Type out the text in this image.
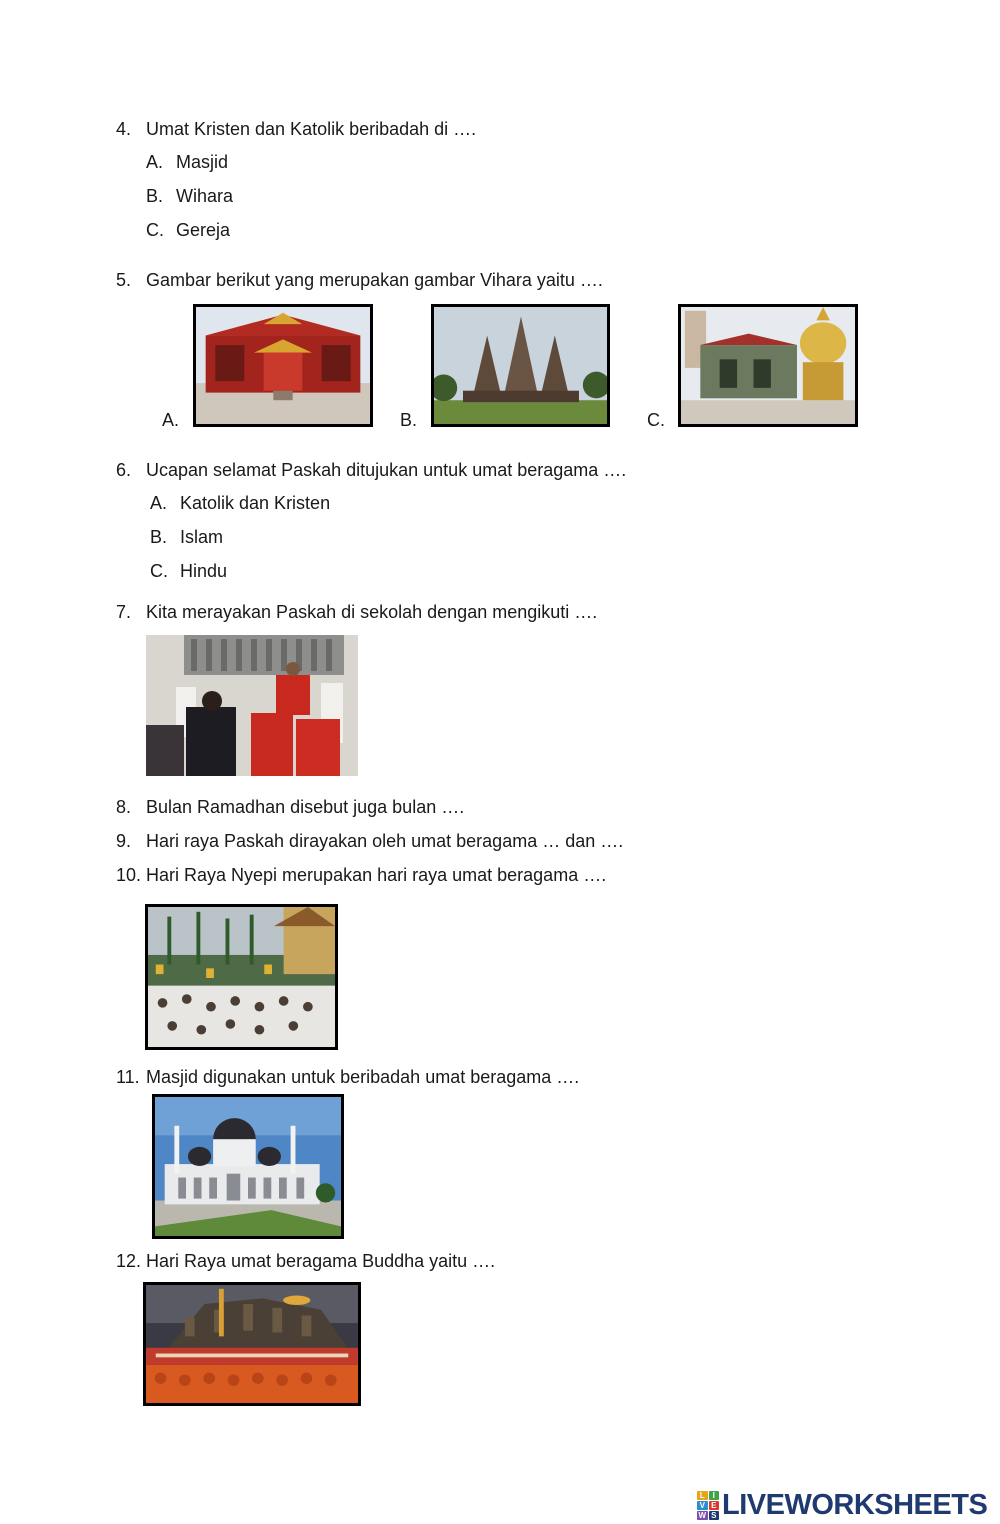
4. Umat Kristen dan Katolik beribadah di ….
A. Masjid
B. Wihara
C. Gereja
5. Gambar berikut yang merupakan gambar Vihara yaitu ….
A.	B.	C.
6. Ucapan selamat Paskah ditujukan untuk umat beragama ….
A. Katolik dan Kristen
B. Islam
C. Hindu
7. Kita merayakan Paskah di sekolah dengan mengikuti ….
8. Bulan Ramadhan disebut juga bulan ….
9. Hari raya Paskah dirayakan oleh umat beragama … dan ….
10. Hari Raya Nyepi merupakan hari raya umat beragama ….
11. Masjid digunakan untuk beribadah umat beragama ….
12. Hari Raya umat beragama Buddha yaitu ….
L I
V E
W S LIVEWORKSHEETS
